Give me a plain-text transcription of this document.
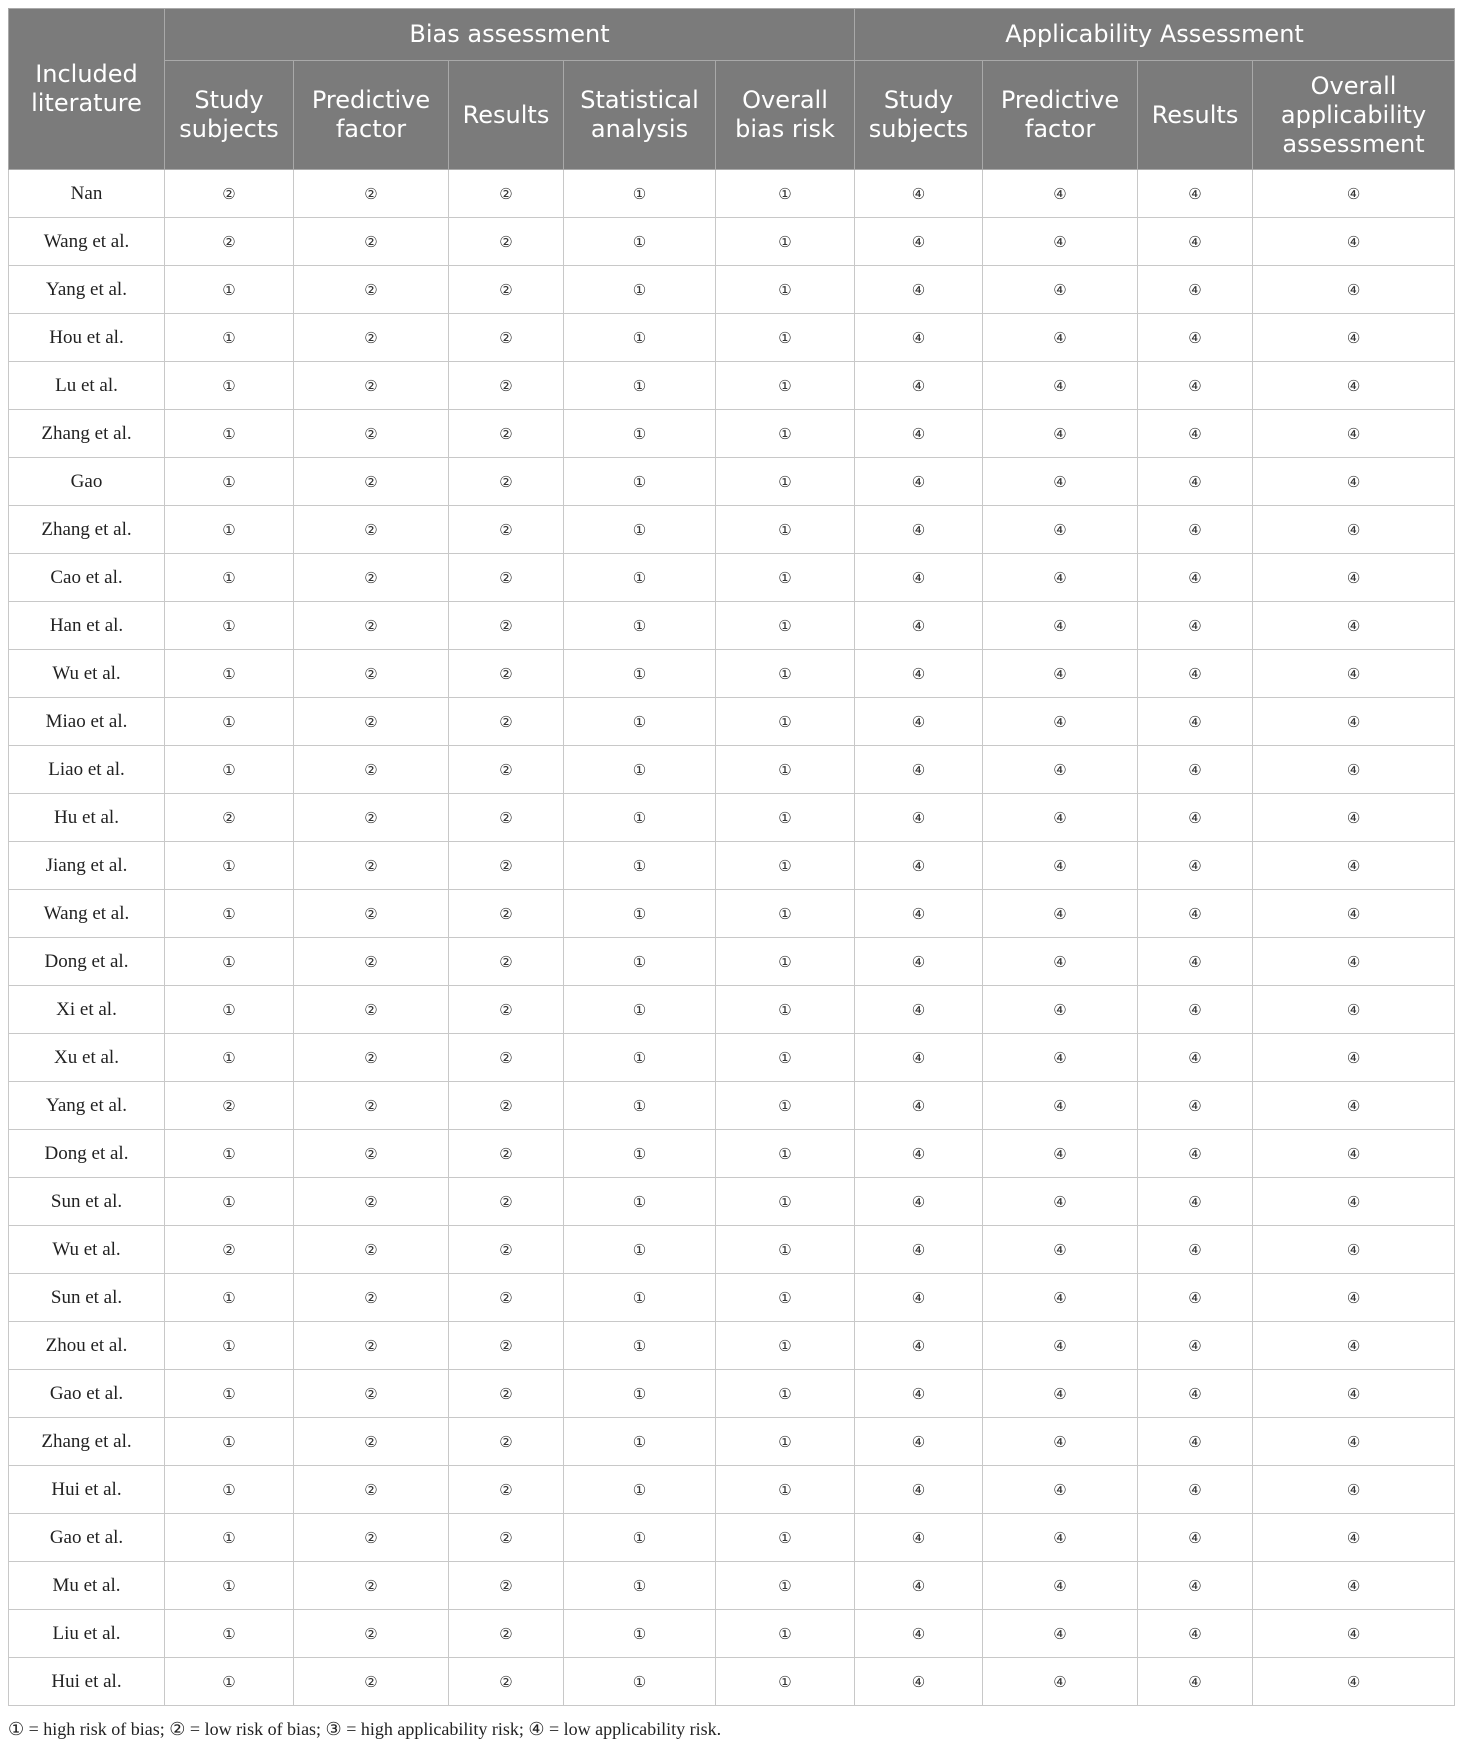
Included literature	Bias assessment					Applicability Assessment			
	Study subjects	Predictive factor	Results	Statistical analysis	Overall bias risk	Study subjects	Predictive factor	Results	Overall applicability assessment
Nan	②	②	②	①	①	④	④	④	④
Wang et al.	②	②	②	①	①	④	④	④	④
Yang et al.	①	②	②	①	①	④	④	④	④
Hou et al.	①	②	②	①	①	④	④	④	④
Lu et al.	①	②	②	①	①	④	④	④	④
Zhang et al.	①	②	②	①	①	④	④	④	④
Gao	①	②	②	①	①	④	④	④	④
Zhang et al.	①	②	②	①	①	④	④	④	④
Cao et al.	①	②	②	①	①	④	④	④	④
Han et al.	①	②	②	①	①	④	④	④	④
Wu et al.	①	②	②	①	①	④	④	④	④
Miao et al.	①	②	②	①	①	④	④	④	④
Liao et al.	①	②	②	①	①	④	④	④	④
Hu et al.	②	②	②	①	①	④	④	④	④
Jiang et al.	①	②	②	①	①	④	④	④	④
Wang et al.	①	②	②	①	①	④	④	④	④
Dong et al.	①	②	②	①	①	④	④	④	④
Xi et al.	①	②	②	①	①	④	④	④	④
Xu et al.	①	②	②	①	①	④	④	④	④
Yang et al.	②	②	②	①	①	④	④	④	④
Dong et al.	①	②	②	①	①	④	④	④	④
Sun et al.	①	②	②	①	①	④	④	④	④
Wu et al.	②	②	②	①	①	④	④	④	④
Sun et al.	①	②	②	①	①	④	④	④	④
Zhou et al.	①	②	②	①	①	④	④	④	④
Gao et al.	①	②	②	①	①	④	④	④	④
Zhang et al.	①	②	②	①	①	④	④	④	④
Hui et al.	①	②	②	①	①	④	④	④	④
Gao et al.	①	②	②	①	①	④	④	④	④
Mu et al.	①	②	②	①	①	④	④	④	④
Liu et al.	①	②	②	①	①	④	④	④	④
Hui et al.	①	②	②	①	①	④	④	④	④
① = high risk of bias; ② = low risk of bias; ③ = high applicability risk; ④ = low applicability risk.
